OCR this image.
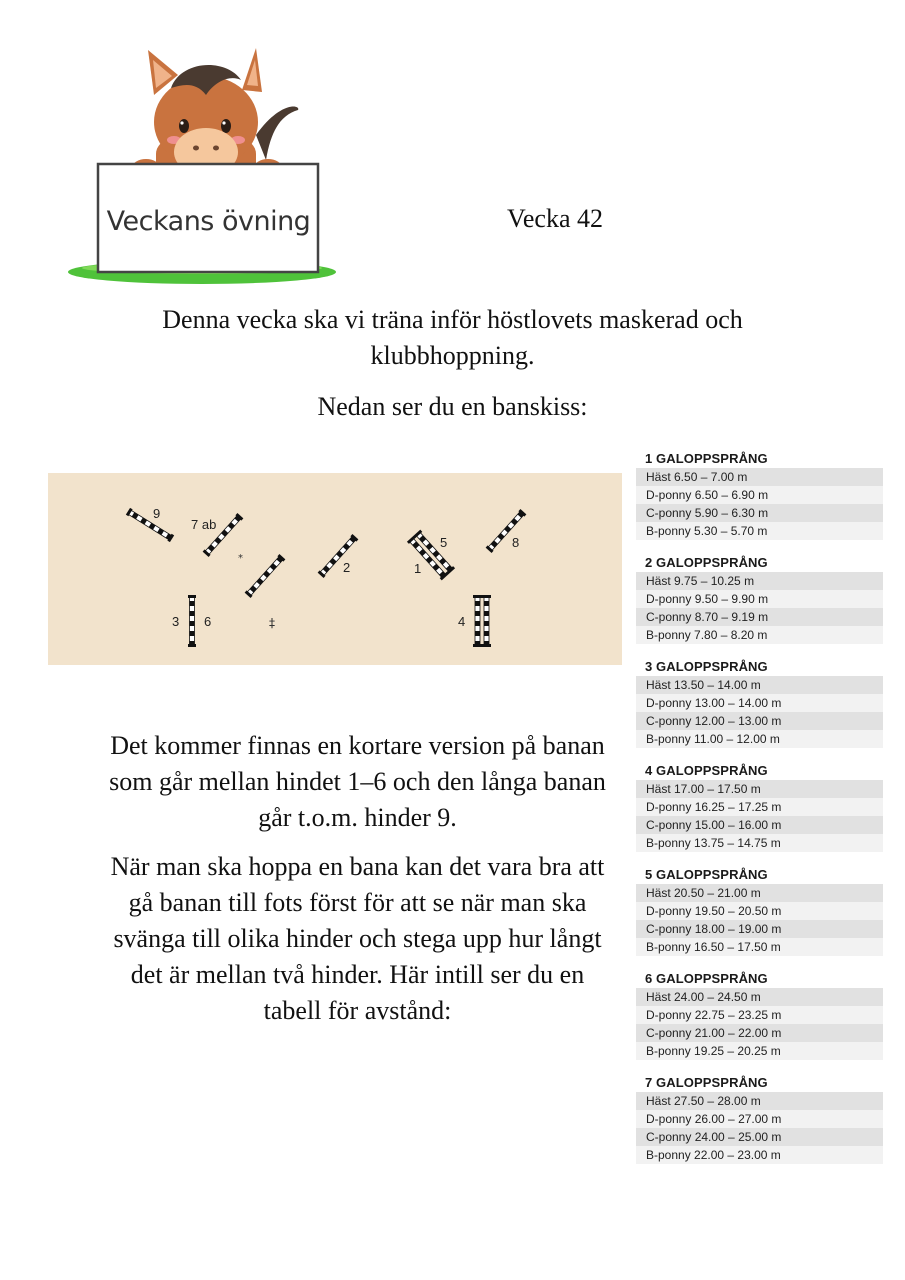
Veckans övning	Vecka 42
Denna vecka ska vi träna inför höstlovets maskerad och klubbhoppning.
Nedan ser du en banskiss:
*
‡
9
7 ab
2
5
1
8
3 6	4
Det kommer finnas en kortare version på banan som går mellan hindet 1–6 och den långa banan går t.o.m. hinder 9.
När man ska hoppa en bana kan det vara bra att gå banan till fots först för att se när man ska svänga till olika hinder och stega upp hur långt det är mellan två hinder. Här intill ser du en tabell för avstånd:
1 GALOPPSPRÅNG
Häst 6.50 – 7.00 m
D-ponny 6.50 – 6.90 m
C-ponny 5.90 – 6.30 m
B-ponny 5.30 – 5.70 m
2 GALOPPSPRÅNG
Häst 9.75 – 10.25 m
D-ponny 9.50 – 9.90 m
C-ponny 8.70 – 9.19 m
B-ponny 7.80 – 8.20 m
3 GALOPPSPRÅNG
Häst 13.50 – 14.00 m
D-ponny 13.00 – 14.00 m
C-ponny 12.00 – 13.00 m
B-ponny 11.00 – 12.00 m
4 GALOPPSPRÅNG
Häst 17.00 – 17.50 m
D-ponny 16.25 – 17.25 m
C-ponny 15.00 – 16.00 m
B-ponny 13.75 – 14.75 m
5 GALOPPSPRÅNG
Häst 20.50 – 21.00 m
D-ponny 19.50 – 20.50 m
C-ponny 18.00 – 19.00 m
B-ponny 16.50 – 17.50 m
6 GALOPPSPRÅNG
Häst 24.00 – 24.50 m
D-ponny 22.75 – 23.25 m
C-ponny 21.00 – 22.00 m
B-ponny 19.25 – 20.25 m
7 GALOPPSPRÅNG
Häst 27.50 – 28.00 m
D-ponny 26.00 – 27.00 m
C-ponny 24.00 – 25.00 m
B-ponny 22.00 – 23.00 m
